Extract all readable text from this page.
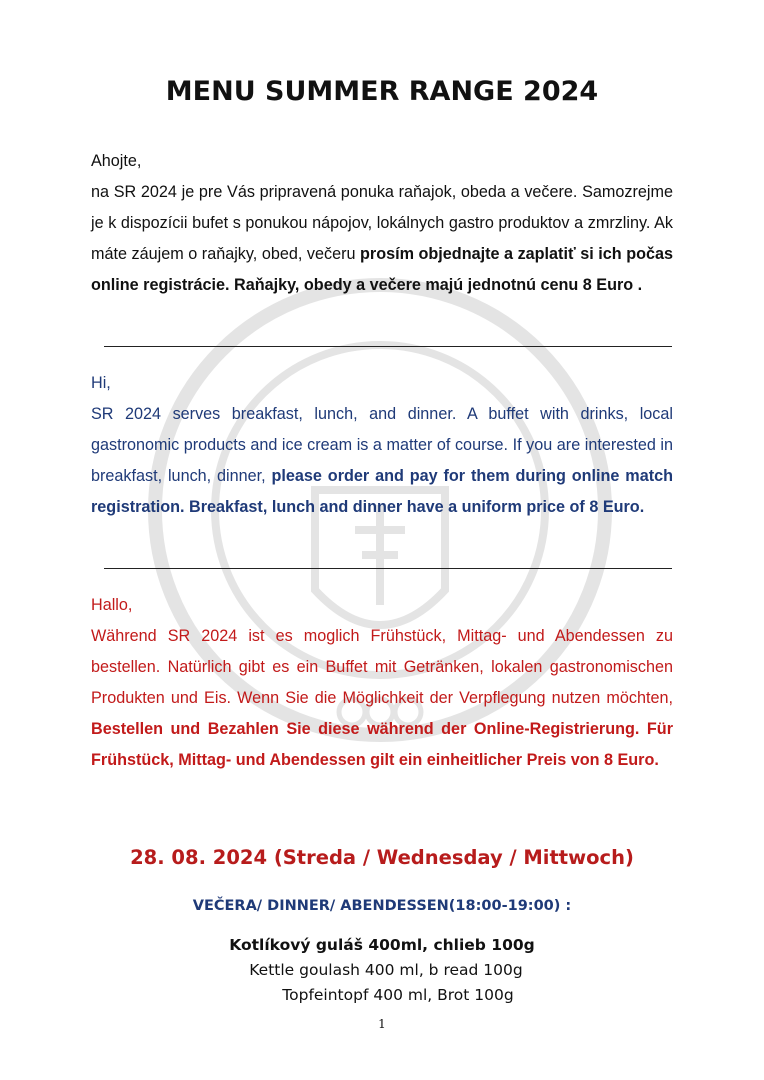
MENU SUMMER RANGE 2024

Ahojte,

na SR 2024 je pre Vás pripravená ponuka raňajok, obeda a večere. Samozrejme je k dispozícii bufet s ponukou nápojov, lokálnych gastro produktov a zmrzliny. Ak máte záujem o raňajky, obed, večeru prosím objednajte a zaplatiť si ich počas online registrácie. Raňajky, obedy a večere majú jednotnú cenu 8 Euro .

Hi,

SR 2024 serves breakfast, lunch, and dinner. A buffet with drinks, local gastronomic products and ice cream is a matter of course. If you are interested in breakfast, lunch, dinner, please order and pay for them during online match registration. Breakfast, lunch and dinner have a uniform price of 8 Euro.

Hallo,

Während SR 2024 ist es moglich Frühstück, Mittag- und Abendessen zu bestellen. Natürlich gibt es ein Buffet mit Getränken, lokalen gastronomischen Produkten und Eis. Wenn Sie die Möglichkeit der Verpflegung nutzen möchten, Bestellen und Bezahlen Sie diese während der Online-Registrierung. Für Frühstück, Mittag- und Abendessen gilt ein einheitlicher Preis von 8 Euro.

28. 08. 2024 (Streda / Wednesday / Mittwoch)
VEČERA/ DINNER/ ABENDESSEN(18:00-19:00) :
Kotlíkový guláš 400ml, chlieb 100g
Kettle goulash 400 ml, b read 100g
Topfeintopf 400 ml, Brot 100g
1
